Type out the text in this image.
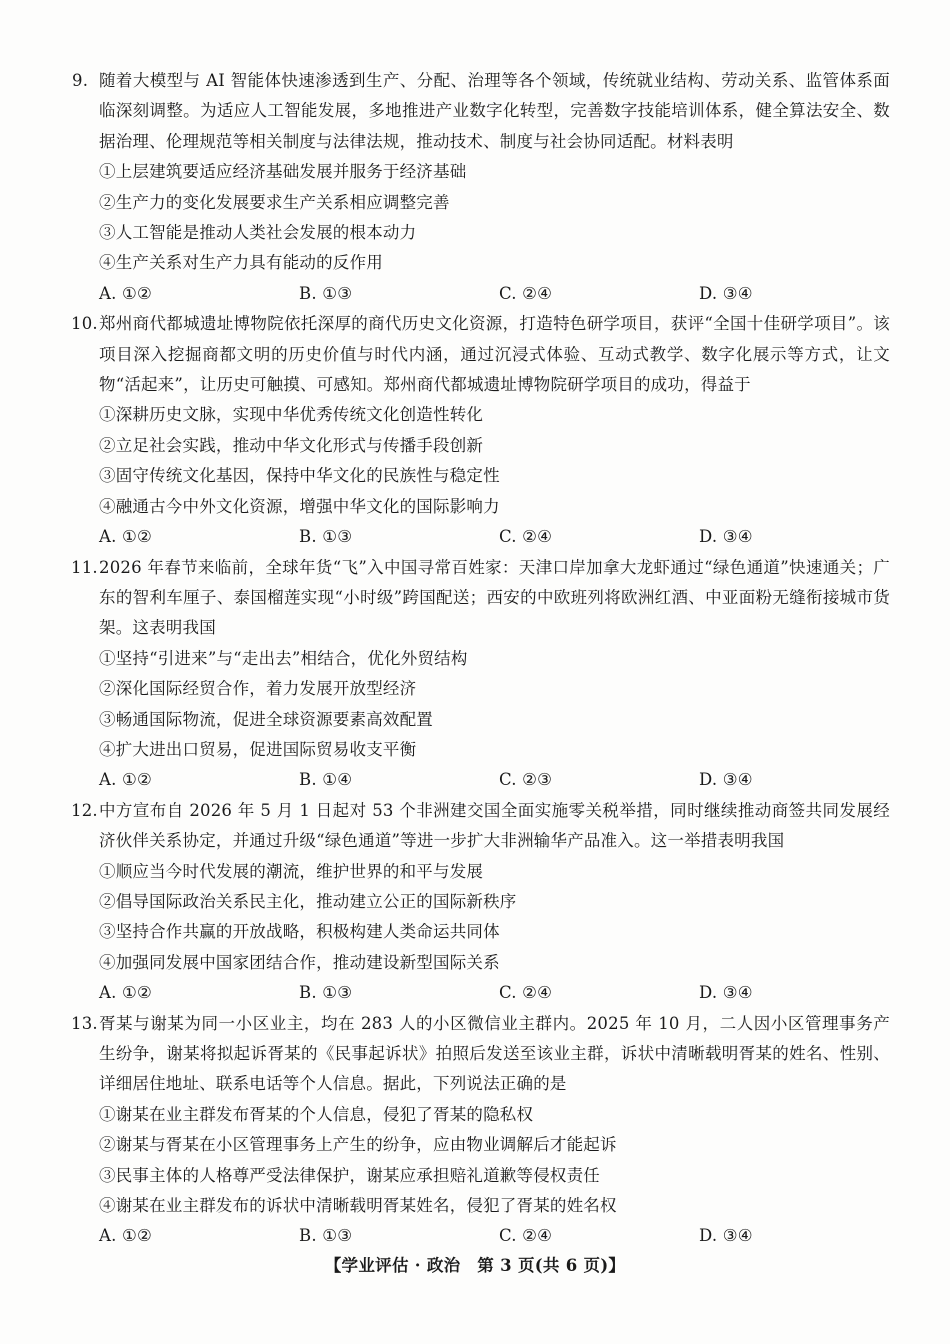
9. 随着大模型与 AI 智能体快速渗透到生产、分配、治理等各个领域，传统就业结构、劳动关系、监管体系面临深刻调整。为适应人工智能发展，多地推进产业数字化转型，完善数字技能培训体系，健全算法安全、数据治理、伦理规范等相关制度与法律法规，推动技术、制度与社会协同适配。材料表明
①上层建筑要适应经济基础发展并服务于经济基础
②生产力的变化发展要求生产关系相应调整完善
③人工智能是推动人类社会发展的根本动力
④生产关系对生产力具有能动的反作用
A. ①②	B. ①③	C. ②④	D. ③④
10. 郑州商代都城遗址博物院依托深厚的商代历史文化资源，打造特色研学项目，获评“全国十佳研学项目”。该项目深入挖掘商都文明的历史价值与时代内涵，通过沉浸式体验、互动式教学、数字化展示等方式，让文物“活起来”，让历史可触摸、可感知。郑州商代都城遗址博物院研学项目的成功，得益于
①深耕历史文脉，实现中华优秀传统文化创造性转化
②立足社会实践，推动中华文化形式与传播手段创新
③固守传统文化基因，保持中华文化的民族性与稳定性
④融通古今中外文化资源，增强中华文化的国际影响力
A. ①②	B. ①③	C. ②④	D. ③④
11. 2026 年春节来临前，全球年货“飞”入中国寻常百姓家：天津口岸加拿大龙虾通过“绿色通道”快速通关；广东的智利车厘子、泰国榴莲实现“小时级”跨国配送；西安的中欧班列将欧洲红酒、中亚面粉无缝衔接城市货架。这表明我国
①坚持“引进来”与“走出去”相结合，优化外贸结构
②深化国际经贸合作，着力发展开放型经济
③畅通国际物流，促进全球资源要素高效配置
④扩大进出口贸易，促进国际贸易收支平衡
A. ①②	B. ①④	C. ②③	D. ③④
12. 中方宣布自 2026 年 5 月 1 日起对 53 个非洲建交国全面实施零关税举措，同时继续推动商签共同发展经济伙伴关系协定，并通过升级“绿色通道”等进一步扩大非洲输华产品准入。这一举措表明我国
①顺应当今时代发展的潮流，维护世界的和平与发展
②倡导国际政治关系民主化，推动建立公正的国际新秩序
③坚持合作共赢的开放战略，积极构建人类命运共同体
④加强同发展中国家团结合作，推动建设新型国际关系
A. ①②	B. ①③	C. ②④	D. ③④
13. 胥某与谢某为同一小区业主，均在 283 人的小区微信业主群内。2025 年 10 月，二人因小区管理事务产生纷争，谢某将拟起诉胥某的《民事起诉状》拍照后发送至该业主群，诉状中清晰载明胥某的姓名、性别、详细居住地址、联系电话等个人信息。据此，下列说法正确的是
①谢某在业主群发布胥某的个人信息，侵犯了胥某的隐私权
②谢某与胥某在小区管理事务上产生的纷争，应由物业调解后才能起诉
③民事主体的人格尊严受法律保护，谢某应承担赔礼道歉等侵权责任
④谢某在业主群发布的诉状中清晰载明胥某姓名，侵犯了胥某的姓名权
A. ①②	B. ①③	C. ②④	D. ③④
【学业评估 · 政治　第 3 页(共 6 页)】
